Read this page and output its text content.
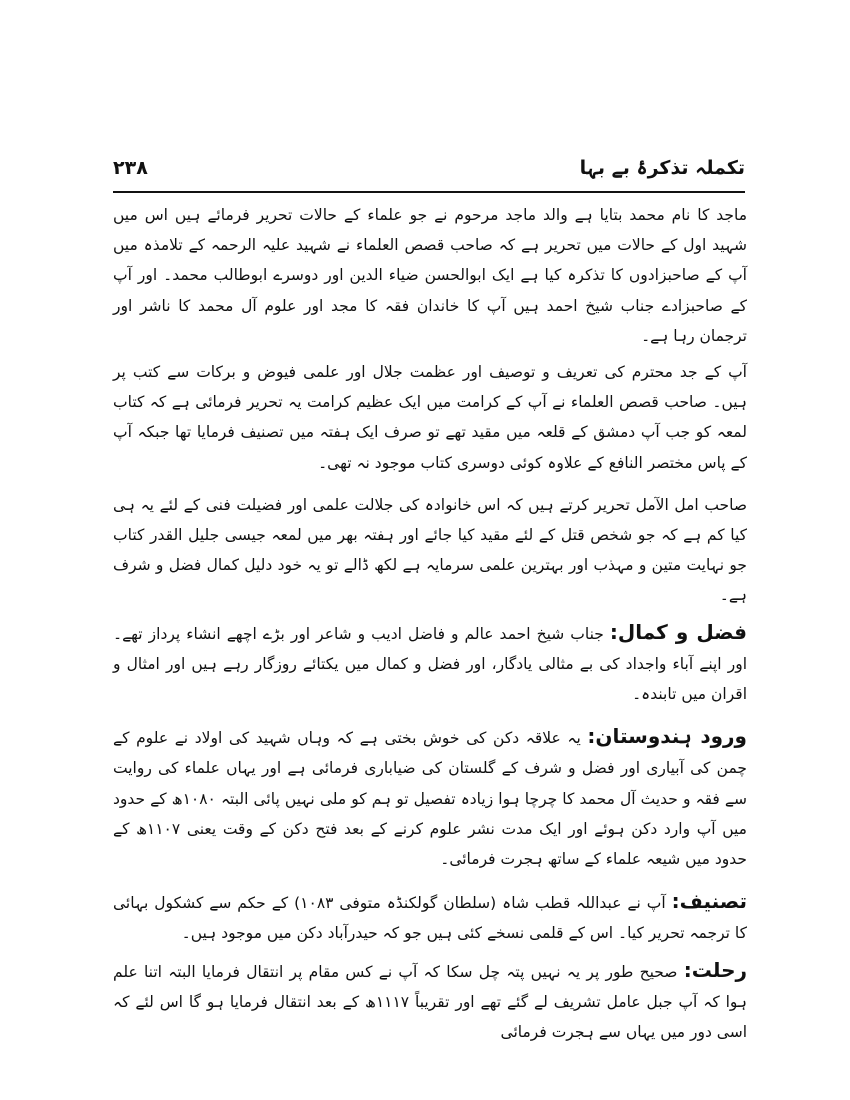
۲۳۸	تکملہ تذکرۂ بے بہا

ماجد کا نام محمد بتایا ہے والد ماجد مرحوم نے جو علماء کے حالات تحریر فرمائے ہیں اس میں شہید اول کے حالات میں تحریر ہے کہ صاحب قصص العلماء نے شہید علیہ الرحمہ کے تلامذہ میں آپ کے صاحبزادوں کا تذکرہ کیا ہے ایک ابوالحسن ضیاء الدین اور دوسرے ابوطالب محمد۔ اور آپ کے صاحبزادے جناب شیخ احمد ہیں آپ کا خاندان فقہ کا مجد اور علوم آل محمد کا ناشر اور ترجمان رہا ہے۔

آپ کے جد محترم کی تعریف و توصیف اور عظمت جلال اور علمی فیوض و برکات سے کتب پر ہیں۔ صاحب قصص العلماء نے آپ کے کرامت میں ایک عظیم کرامت یہ تحریر فرمائی ہے کہ کتاب لمعہ کو جب آپ دمشق کے قلعہ میں مقید تھے تو صرف ایک ہفتہ میں تصنیف فرمایا تھا جبکہ آپ کے پاس مختصر النافع کے علاوہ کوئی دوسری کتاب موجود نہ تھی۔

صاحب امل الآمل تحریر کرتے ہیں کہ اس خانوادہ کی جلالت علمی اور فضیلت فنی کے لئے یہ ہی کیا کم ہے کہ جو شخص قتل کے لئے مقید کیا جائے اور ہفتہ بھر میں لمعہ جیسی جلیل القدر کتاب جو نہایت متین و مہذب اور بہترین علمی سرمایہ ہے لکھ ڈالے تو یہ خود دلیل کمال فضل و شرف ہے۔

فضل و کمال: جناب شیخ احمد عالم و فاضل ادیب و شاعر اور بڑے اچھے انشاء پرداز تھے۔ اور اپنے آباء واجداد کی بے مثالی یادگار، اور فضل و کمال میں یکتائے روزگار رہے ہیں اور امثال و اقران میں تابندہ۔

ورود ہندوستان: یہ علاقہ دکن کی خوش بختی ہے کہ وہاں شہید کی اولاد نے علوم کے چمن کی آبیاری اور فضل و شرف کے گلستان کی ضیاباری فرمائی ہے اور یہاں علماء کی روایت سے فقہ و حدیث آل محمد کا چرچا ہوا زیادہ تفصیل تو ہم کو ملی نہیں پائی البتہ ۱۰۸۰ھ کے حدود میں آپ وارد دکن ہوئے اور ایک مدت نشر علوم کرنے کے بعد فتح دکن کے وقت یعنی ۱۱۰۷ھ کے حدود میں شیعہ علماء کے ساتھ ہجرت فرمائی۔

تصنیف: آپ نے عبداللہ قطب شاہ (سلطان گولکنڈہ متوفی ۱۰۸۳) کے حکم سے کشکول بہائی کا ترجمہ تحریر کیا۔ اس کے قلمی نسخے کئی ہیں جو کہ حیدرآباد دکن میں موجود ہیں۔

رحلت: صحیح طور پر یہ نہیں پتہ چل سکا کہ آپ نے کس مقام پر انتقال فرمایا البتہ اتنا علم ہوا کہ آپ جبل عامل تشریف لے گئے تھے اور تقریباً ۱۱۱۷ھ کے بعد انتقال فرمایا ہو گا اس لئے کہ اسی دور میں یہاں سے ہجرت فرمائی
